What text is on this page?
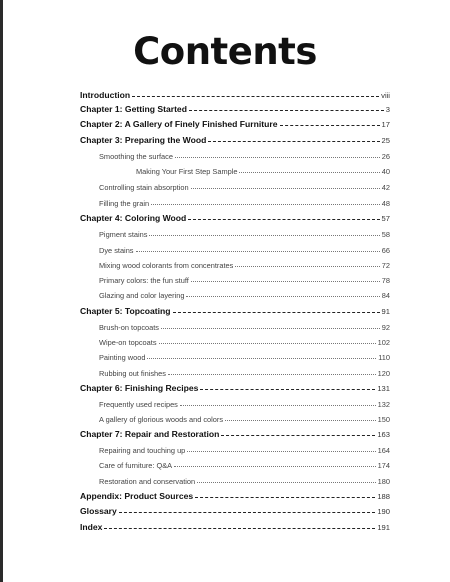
Contents
Introduction	viii
Chapter 1: Getting Started	3
Chapter 2: A Gallery of Finely Finished Furniture	17
Chapter 3: Preparing the Wood	25
Smoothing the surface	26
Making Your First Step Sample	40
Controlling stain absorption	42
Filling the grain	48
Chapter 4: Coloring Wood	57
Pigment stains	58
Dye stains	66
Mixing wood colorants from concentrates	72
Primary colors: the fun stuff	78
Glazing and color layering	84
Chapter 5: Topcoating	91
Brush-on topcoats	92
Wipe-on topcoats	102
Painting wood	110
Rubbing out finishes	120
Chapter 6: Finishing Recipes	131
Frequently used recipes	132
A gallery of glorious woods and colors	150
Chapter 7: Repair and Restoration	163
Repairing and touching up	164
Care of furniture: Q&A	174
Restoration and conservation	180
Appendix: Product Sources	188
Glossary	190
Index	191
